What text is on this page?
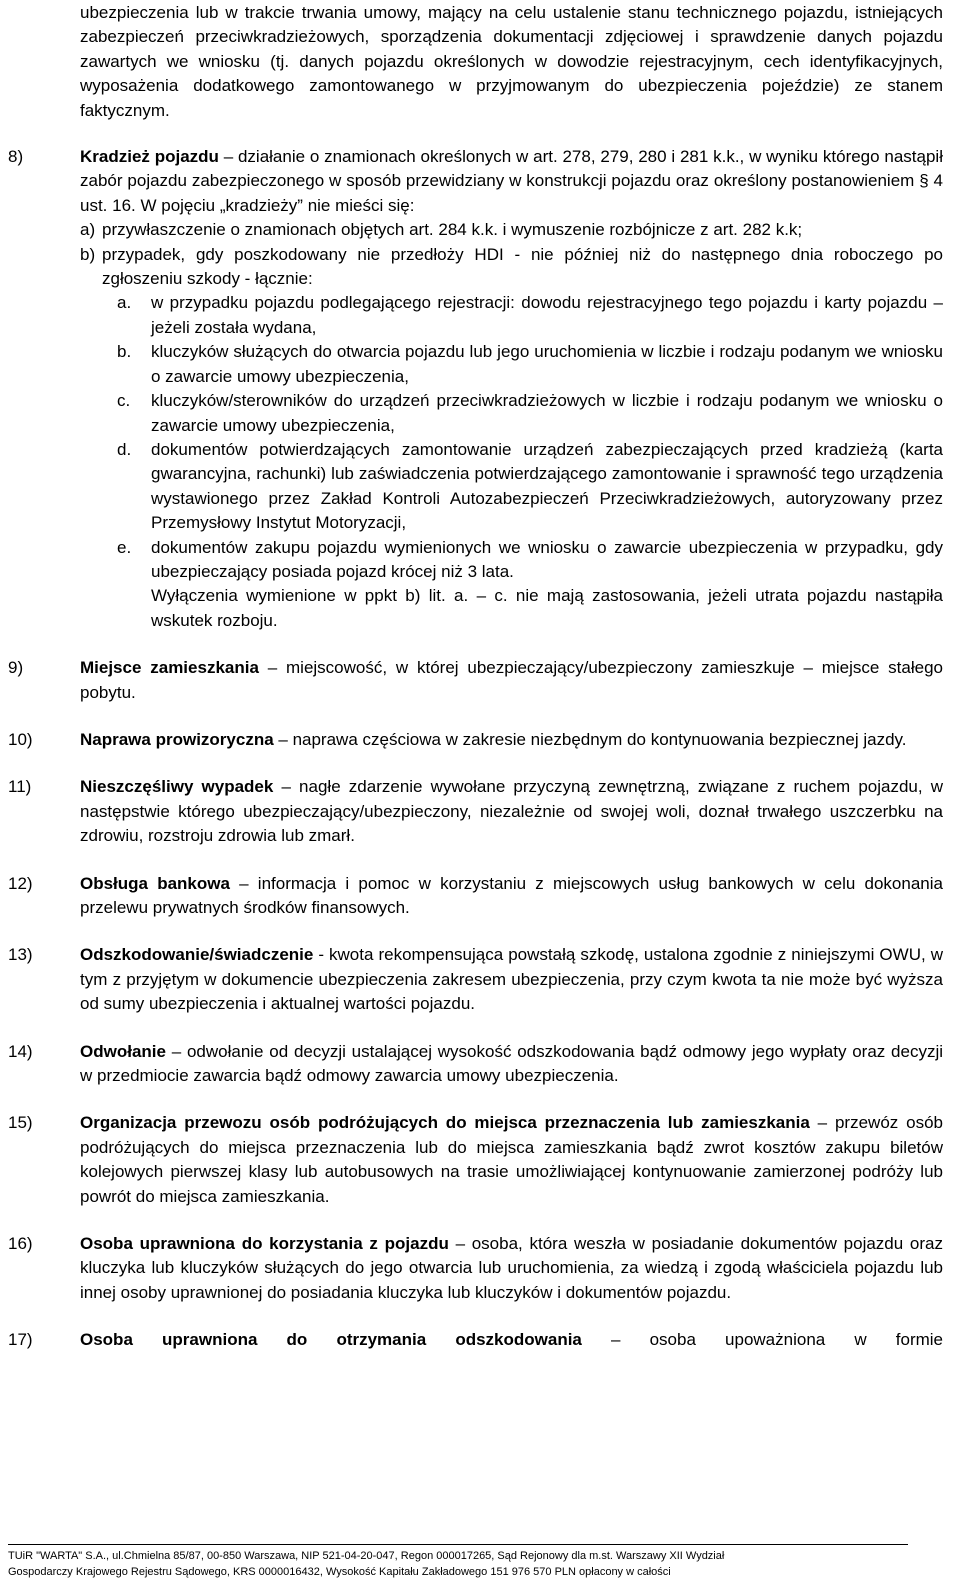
ubezpieczenia lub w trakcie trwania umowy, mający na celu ustalenie stanu technicznego pojazdu, istniejących zabezpieczeń przeciwkradzieżowych, sporządzenia dokumentacji zdjęciowej i sprawdzenie danych pojazdu zawartych we wniosku (tj. danych pojazdu określonych w dowodzie rejestracyjnym, cech identyfikacyjnych, wyposażenia dodatkowego zamontowanego w przyjmowanym do ubezpieczenia pojeździe) ze stanem faktycznym.
8)	Kradzież pojazdu – działanie o znamionach określonych w art. 278, 279, 280 i 281 k.k., w wyniku którego nastąpił zabór pojazdu zabezpieczonego w sposób przewidziany w konstrukcji pojazdu oraz określony postanowieniem § 4 ust. 16. W pojęciu „kradzieży” nie mieści się:
a) przywłaszczenie o znamionach objętych art. 284 k.k. i wymuszenie rozbójnicze z art. 282 k.k;
b) przypadek, gdy poszkodowany nie przedłoży HDI - nie później niż do następnego dnia roboczego po zgłoszeniu szkody - łącznie:
a.	w przypadku pojazdu podlegającego rejestracji: dowodu rejestracyjnego tego pojazdu i karty pojazdu – jeżeli została wydana,
b.	kluczyków służących do otwarcia pojazdu lub jego uruchomienia w liczbie i rodzaju podanym we wniosku o zawarcie umowy ubezpieczenia,
c.	kluczyków/sterowników do urządzeń przeciwkradzieżowych w liczbie i rodzaju podanym we wniosku o zawarcie umowy ubezpieczenia,
d.	dokumentów potwierdzających zamontowanie urządzeń zabezpieczających przed kradzieżą (karta gwarancyjna, rachunki) lub zaświadczenia potwierdzającego zamontowanie i sprawność tego urządzenia wystawionego przez Zakład Kontroli Autozabezpieczeń Przeciwkradzieżowych, autoryzowany przez Przemysłowy Instytut Motoryzacji,
e.	dokumentów zakupu pojazdu wymienionych we wniosku o zawarcie ubezpieczenia w przypadku, gdy ubezpieczający posiada pojazd krócej niż 3 lata.
Wyłączenia wymienione w ppkt b) lit. a. – c. nie mają zastosowania, jeżeli utrata pojazdu nastąpiła wskutek rozboju.
9)	Miejsce zamieszkania – miejscowość, w której ubezpieczający/ubezpieczony zamieszkuje – miejsce stałego pobytu.
10)	Naprawa prowizoryczna – naprawa częściowa w zakresie niezbędnym do kontynuowania bezpiecznej jazdy.
11)	Nieszczęśliwy wypadek – nagłe zdarzenie wywołane przyczyną zewnętrzną, związane z ruchem pojazdu, w następstwie którego ubezpieczający/ubezpieczony, niezależnie od swojej woli, doznał trwałego uszczerbku na zdrowiu, rozstroju zdrowia lub zmarł.
12)	Obsługa bankowa – informacja i pomoc w korzystaniu z miejscowych usług bankowych w celu dokonania przelewu prywatnych środków finansowych.
13)	Odszkodowanie/świadczenie - kwota rekompensująca powstałą szkodę, ustalona zgodnie z niniejszymi OWU, w tym z przyjętym w dokumencie ubezpieczenia zakresem ubezpieczenia, przy czym kwota ta nie może być wyższa od sumy ubezpieczenia i aktualnej wartości pojazdu.
14)	Odwołanie – odwołanie od decyzji ustalającej wysokość odszkodowania bądź odmowy jego wypłaty oraz decyzji w przedmiocie zawarcia bądź odmowy zawarcia umowy ubezpieczenia.
15)	Organizacja przewozu osób podróżujących do miejsca przeznaczenia lub zamieszkania – przewóz osób podróżujących do miejsca przeznaczenia lub do miejsca zamieszkania bądź zwrot kosztów zakupu biletów kolejowych pierwszej klasy lub autobusowych na trasie umożliwiającej kontynuowanie zamierzonej podróży lub powrót do miejsca zamieszkania.
16)	Osoba uprawniona do korzystania z pojazdu – osoba, która weszła w posiadanie dokumentów pojazdu oraz kluczyka lub kluczyków służących do jego otwarcia lub uruchomienia, za wiedzą i zgodą właściciela pojazdu lub innej osoby uprawnionej do posiadania kluczyka lub kluczyków i dokumentów pojazdu.
17)	Osoba uprawniona do otrzymania odszkodowania – osoba upoważniona w formie
TUiR "WARTA" S.A., ul.Chmielna 85/87, 00-850 Warszawa, NIP 521-04-20-047, Regon 000017265, Sąd Rejonowy dla m.st. Warszawy XII Wydział
Gospodarczy Krajowego Rejestru Sądowego, KRS 0000016432, Wysokość Kapitału Zakładowego 151 976 570 PLN opłacony w całości
